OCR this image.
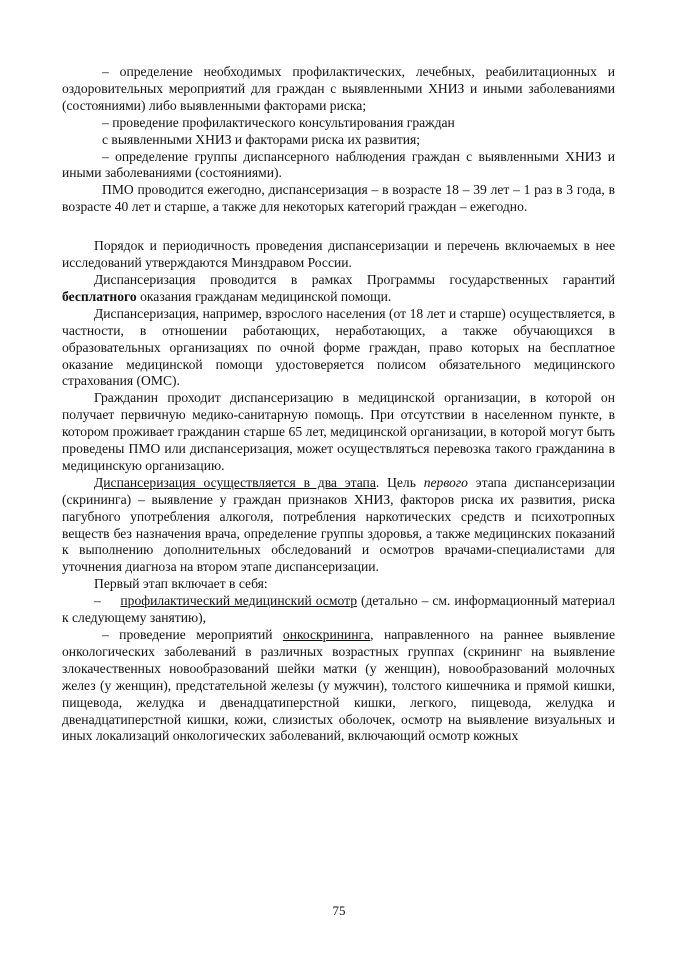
– определение необходимых профилактических, лечебных, реабилитационных и оздоровительных мероприятий для граждан с выявленными ХНИЗ и иными заболеваниями (состояниями) либо выявленными факторами риска;

– проведение профилактического консультирования граждан
с выявленными ХНИЗ и факторами риска их развития;

– определение группы диспансерного наблюдения граждан с выявленными ХНИЗ и иными заболеваниями (состояниями).

ПМО проводится ежегодно, диспансеризация – в возрасте 18 – 39 лет – 1 раз в 3 года, в возрасте 40 лет и старше, а также для некоторых категорий граждан – ежегодно.

Порядок и периодичность проведения диспансеризации и перечень включаемых в нее исследований утверждаются Минздравом России.

Диспансеризация проводится в рамках Программы государственных гарантий бесплатного оказания гражданам медицинской помощи.

Диспансеризация, например, взрослого населения (от 18 лет и старше) осуществляется, в частности, в отношении работающих, неработающих, а также обучающихся в образовательных организациях по очной форме граждан, право которых на бесплатное оказание медицинской помощи удостоверяется полисом обязательного медицинского страхования (ОМС).

Гражданин проходит диспансеризацию в медицинской организации, в которой он получает первичную медико-санитарную помощь. При отсутствии в населенном пункте, в котором проживает гражданин старше 65 лет, медицинской организации, в которой могут быть проведены ПМО или диспансеризация, может осуществляться перевозка такого гражданина в медицинскую организацию.

Диспансеризация осуществляется в два этапа. Цель первого этапа диспансеризации (скрининга) – выявление у граждан признаков ХНИЗ, факторов риска их развития, риска пагубного употребления алкоголя, потребления наркотических средств и психотропных веществ без назначения врача, определение группы здоровья, а также медицинских показаний к выполнению дополнительных обследований и осмотров врачами-специалистами для уточнения диагноза на втором этапе диспансеризации.

Первый этап включает в себя:

– профилактический медицинский осмотр (детально – см. информационный материал к следующему занятию),

– проведение мероприятий онкоскрининга, направленного на раннее выявление онкологических заболеваний в различных возрастных группах (скрининг на выявление злокачественных новообразований шейки матки (у женщин), новообразований молочных желез (у женщин), предстательной железы (у мужчин), толстого кишечника и прямой кишки, пищевода, желудка и двенадцатиперстной кишки, легкого, пищевода, желудка и двенадцатиперстной кишки, кожи, слизистых оболочек, осмотр на выявление визуальных и иных локализаций онкологических заболеваний, включающий осмотр кожных

75
